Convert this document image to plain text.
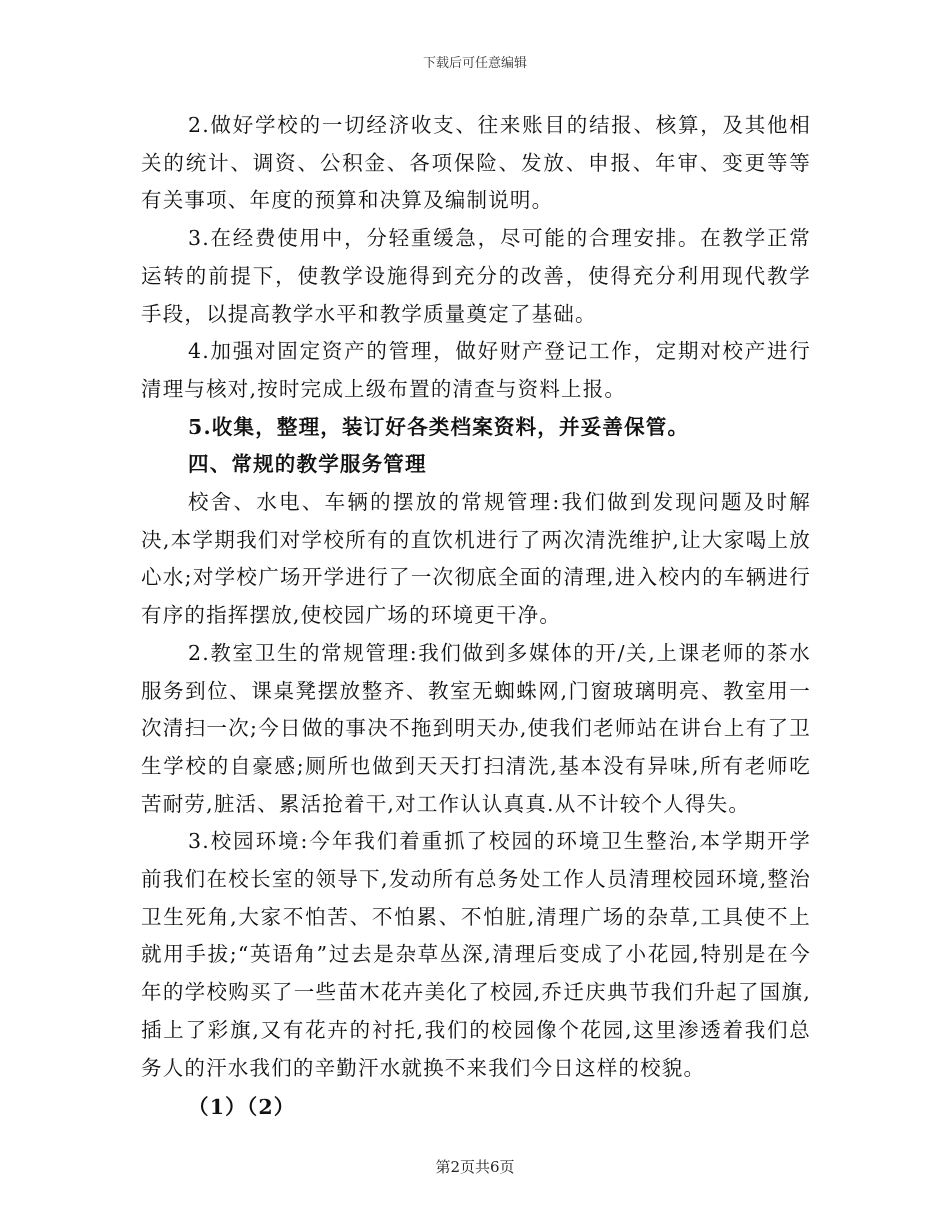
下载后可任意编辑

2.做好学校的一切经济收支、往来账目的结报、核算，及其他相关的统计、调资、公积金、各项保险、发放、申报、年审、变更等等有关事项、年度的预算和决算及编制说明。

3.在经费使用中，分轻重缓急，尽可能的合理安排。在教学正常运转的前提下，使教学设施得到充分的改善，使得充分利用现代教学手段，以提高教学水平和教学质量奠定了基础。

4.加强对固定资产的管理，做好财产登记工作，定期对校产进行清理与核对,按时完成上级布置的清查与资料上报。

5.收集，整理，装订好各类档案资料，并妥善保管。

四、常规的教学服务管理

校舍、水电、车辆的摆放的常规管理:我们做到发现问题及时解决,本学期我们对学校所有的直饮机进行了两次清洗维护,让大家喝上放心水;对学校广场开学进行了一次彻底全面的清理,进入校内的车辆进行有序的指挥摆放,使校园广场的环境更干净。

2.教室卫生的常规管理:我们做到多媒体的开/关,上课老师的茶水服务到位、课桌凳摆放整齐、教室无蜘蛛网,门窗玻璃明亮、教室用一次清扫一次;今日做的事决不拖到明天办,使我们老师站在讲台上有了卫生学校的自豪感;厕所也做到天天打扫清洗,基本没有异味,所有老师吃苦耐劳,脏活、累活抢着干,对工作认认真真.从不计较个人得失。

3.校园环境:今年我们着重抓了校园的环境卫生整治,本学期开学前我们在校长室的领导下,发动所有总务处工作人员清理校园环境,整治卫生死角,大家不怕苦、不怕累、不怕脏,清理广场的杂草,工具使不上就用手拔;“英语角”过去是杂草丛深,清理后变成了小花园,特别是在今年的学校购买了一些苗木花卉美化了校园,乔迁庆典节我们升起了国旗,插上了彩旗,又有花卉的衬托,我们的校园像个花园,这里渗透着我们总务人的汗水我们的辛勤汗水就换不来我们今日这样的校貌。

（1）（2）

第2页共6页
